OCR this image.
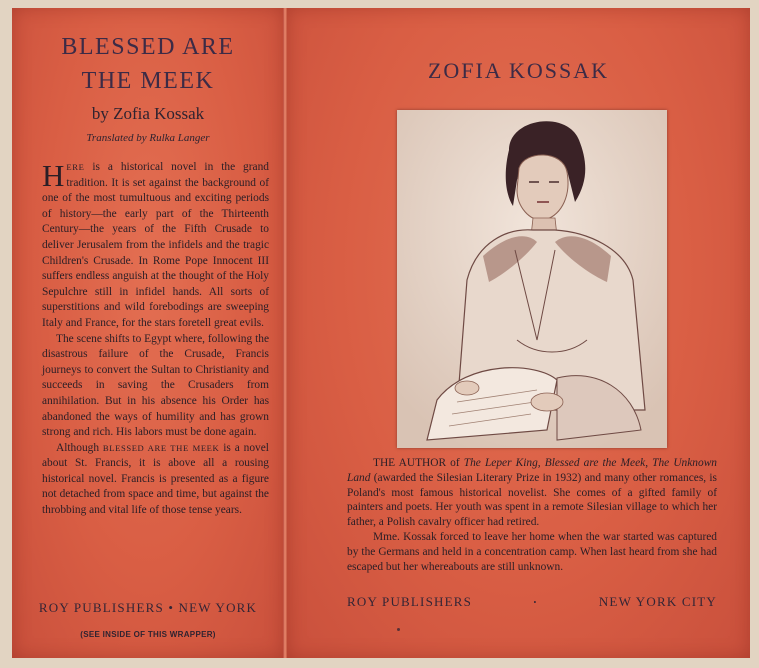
BLESSED ARE
THE MEEK
by Zofia Kossak
Translated by Rulka Langer

HERE is a historical novel in the grand tradition. It is set against the background of one of the most tumultuous and exciting periods of history—the early part of the Thirteenth Century—the years of the Fifth Crusade to deliver Jerusalem from the infidels and the tragic Children's Crusade. In Rome Pope Innocent III suffers endless anguish at the thought of the Holy Sepulchre still in infidel hands. All sorts of superstitions and wild forebodings are sweeping Italy and France, for the stars foretell great evils.

The scene shifts to Egypt where, following the disastrous failure of the Crusade, Francis journeys to convert the Sultan to Christianity and succeeds in saving the Crusaders from annihilation. But in his absence his Order has abandoned the ways of humility and has grown strong and rich. His labors must be done again.

Although BLESSED ARE THE MEEK is a novel about St. Francis, it is above all a rousing historical novel. Francis is presented as a figure not detached from space and time, but against the throbbing and vital life of those tense years.

ROY PUBLISHERS • NEW YORK
(SEE INSIDE OF THIS WRAPPER)
ZOFIA KOSSAK

THE AUTHOR of The Leper King, Blessed are the Meek, The Unknown Land (awarded the Silesian Literary Prize in 1932) and many other romances, is Poland's most famous historical novelist. She comes of a gifted family of painters and poets. Her youth was spent in a remote Silesian village to which her father, a Polish cavalry officer had retired.

Mme. Kossak forced to leave her home when the war started was captured by the Germans and held in a concentration camp. When last heard from she had escaped but her whereabouts are still unknown.

ROY PUBLISHERS	•	NEW YORK CITY
